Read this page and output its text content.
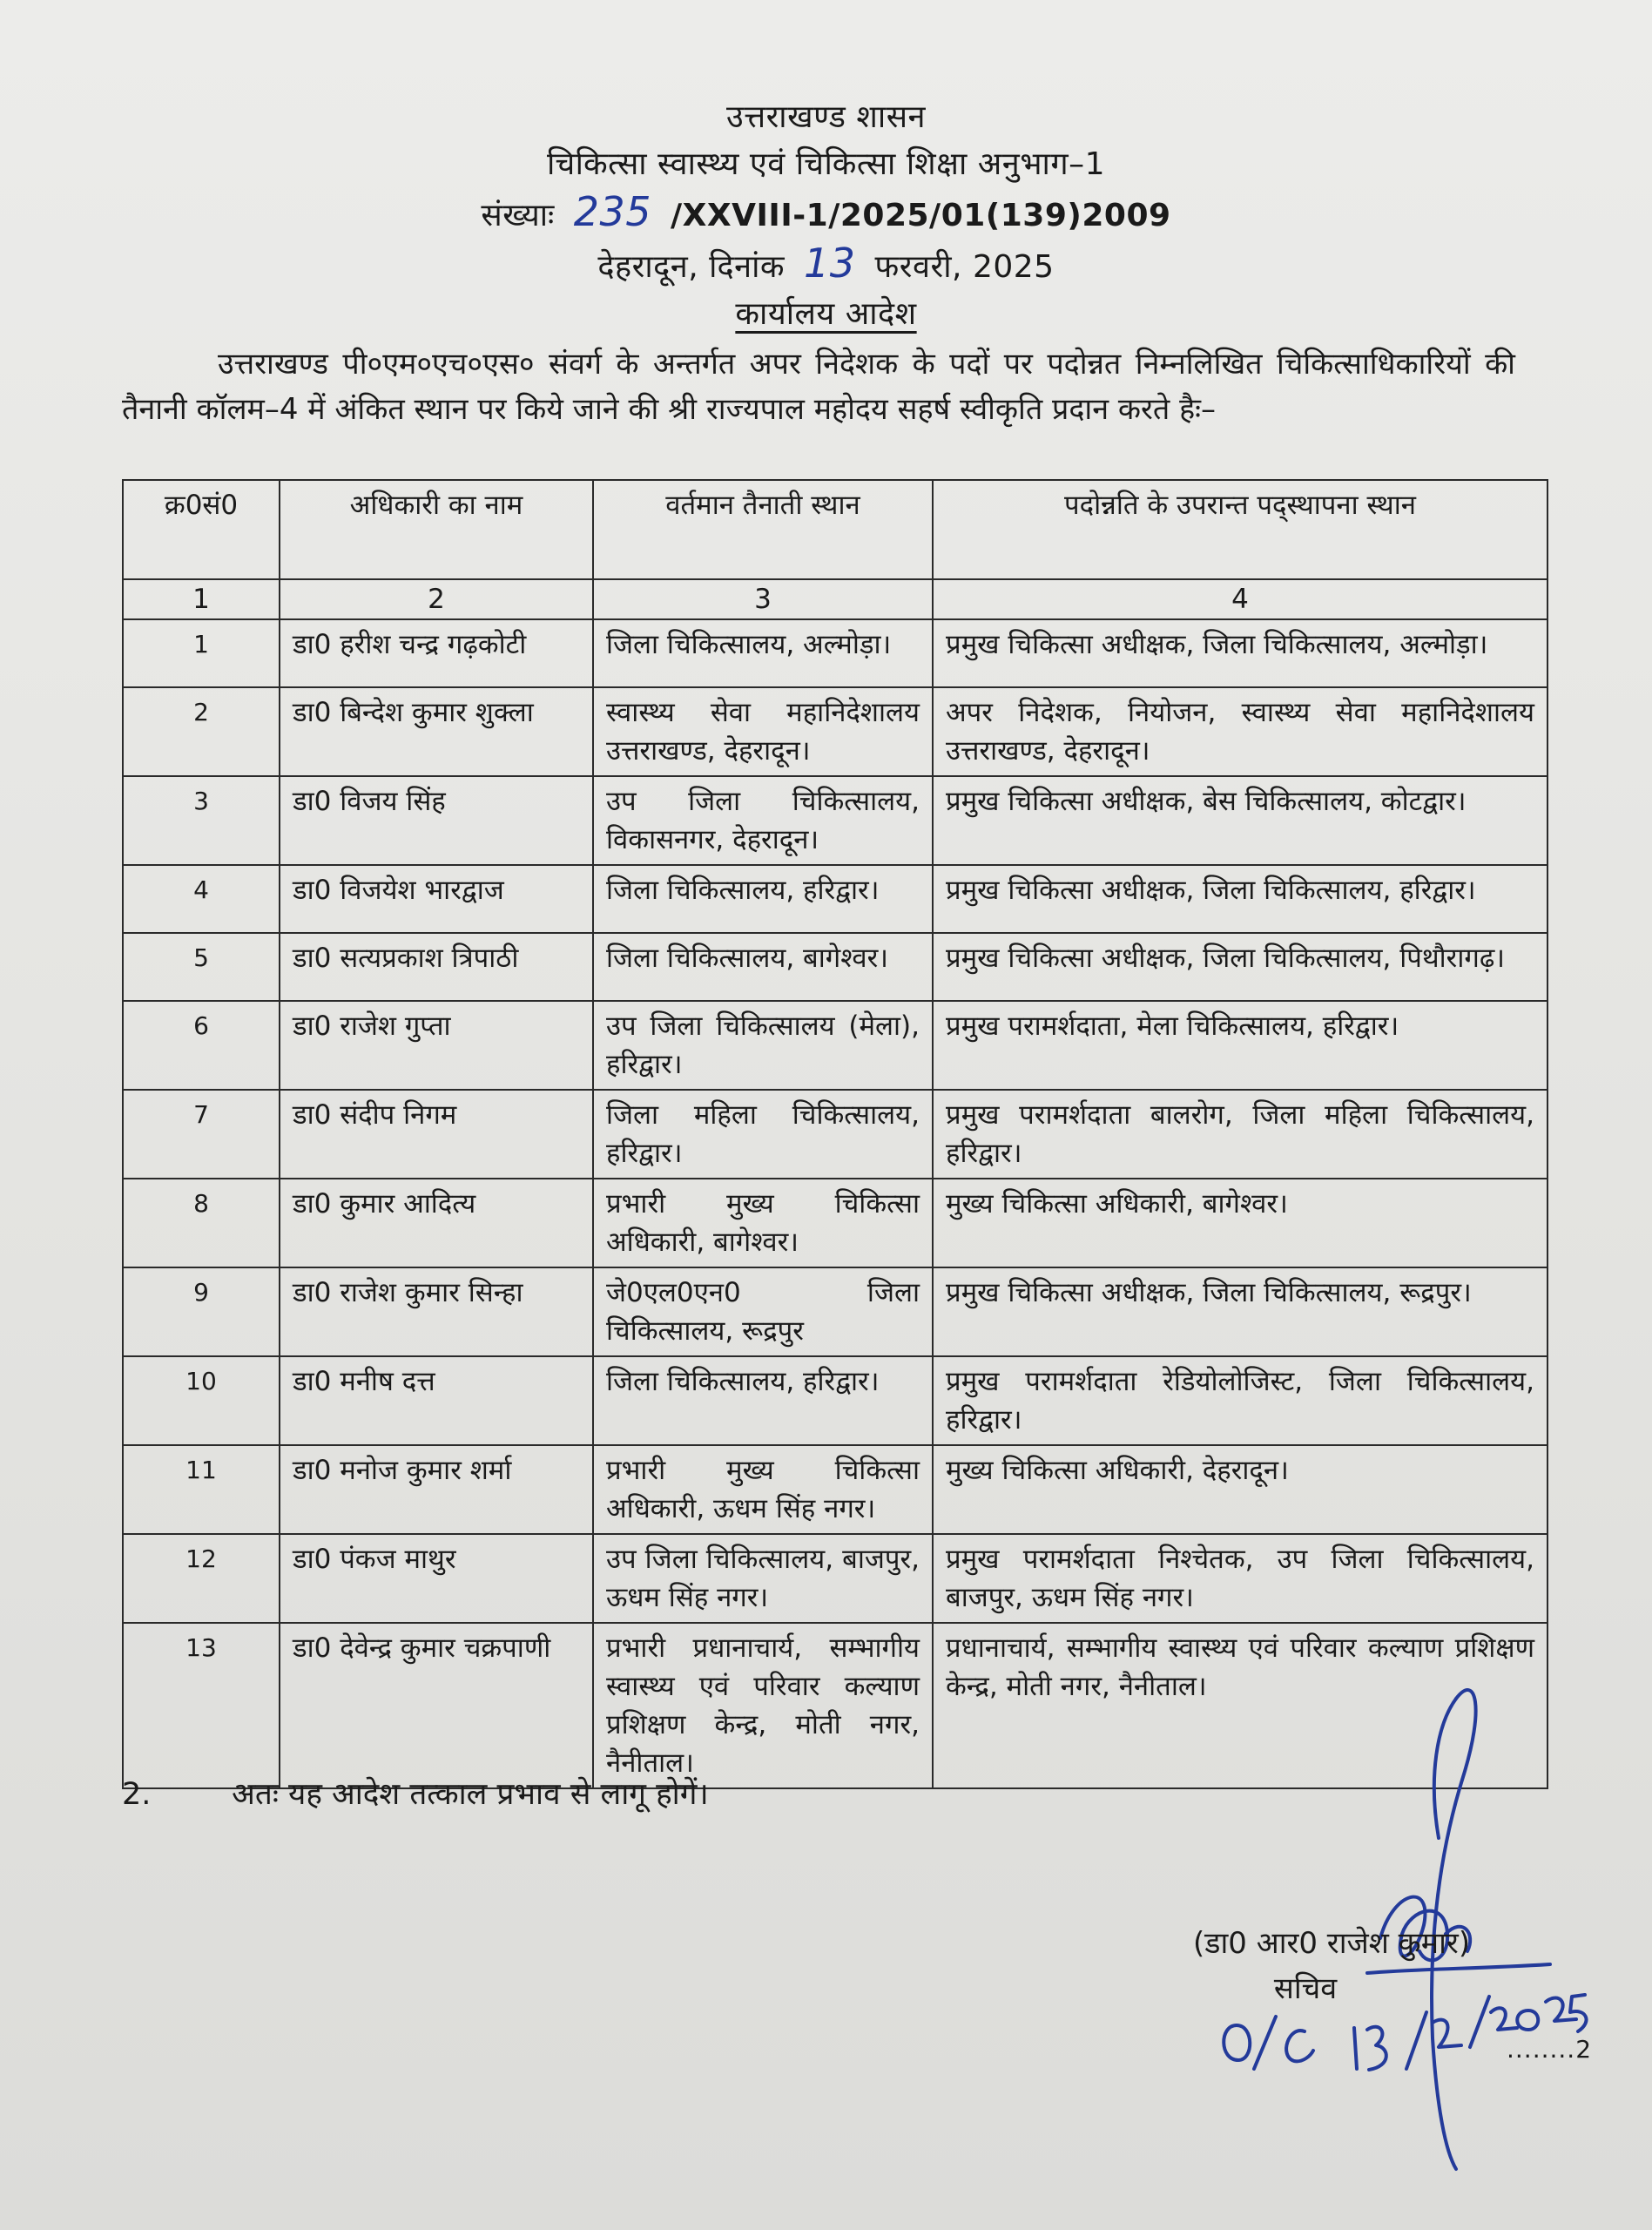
उत्तराखण्ड शासन
चिकित्सा स्वास्थ्य एवं चिकित्सा शिक्षा अनुभाग–1
संख्याः 235 /XXVIII-1/2025/01(139)2009
देहरादून, दिनांक 13 फरवरी, 2025
कार्यालय आदेश
उत्तराखण्ड पी०एम०एच०एस० संवर्ग के अन्तर्गत अपर निदेशक के पदों पर पदोन्नत निम्नलिखित चिकित्साधिकारियों की तैनानी कॉलम–4 में अंकित स्थान पर किये जाने की श्री राज्यपाल महोदय सहर्ष स्वीकृति प्रदान करते हैः–
क्र0सं0	अधिकारी का नाम	वर्तमान तैनाती स्थान	पदोन्नति के उपरान्त पद्स्थापना स्थान
1	2	3	4
1	डा0 हरीश चन्द्र गढ़कोटी	जिला चिकित्सालय, अल्मोड़ा।	प्रमुख चिकित्सा अधीक्षक, जिला चिकित्सालय, अल्मोड़ा।
2	डा0 बिन्देश कुमार शुक्ला	स्वास्थ्य सेवा महानिदेशालय उत्तराखण्ड, देहरादून।	अपर निदेशक, नियोजन, स्वास्थ्य सेवा महानिदेशालय उत्तराखण्ड, देहरादून।
3	डा0 विजय सिंह	उप जिला चिकित्सालय, विकासनगर, देहरादून।	प्रमुख चिकित्सा अधीक्षक, बेस चिकित्सालय, कोटद्वार।
4	डा0 विजयेश भारद्वाज	जिला चिकित्सालय, हरिद्वार।	प्रमुख चिकित्सा अधीक्षक, जिला चिकित्सालय, हरिद्वार।
5	डा0 सत्यप्रकाश त्रिपाठी	जिला चिकित्सालय, बागेश्वर।	प्रमुख चिकित्सा अधीक्षक, जिला चिकित्सालय, पिथौरागढ़।
6	डा0 राजेश गुप्ता	उप जिला चिकित्सालय (मेला), हरिद्वार।	प्रमुख परामर्शदाता, मेला चिकित्सालय, हरिद्वार।
7	डा0 संदीप निगम	जिला महिला चिकित्सालय, हरिद्वार।	प्रमुख परामर्शदाता बालरोग, जिला महिला चिकित्सालय, हरिद्वार।
8	डा0 कुमार आदित्य	प्रभारी मुख्य चिकित्सा अधिकारी, बागेश्वर।	मुख्य चिकित्सा अधिकारी, बागेश्वर।
9	डा0 राजेश कुमार सिन्हा	जे0एल0एन0 जिला चिकित्सालय, रूद्रपुर	प्रमुख चिकित्सा अधीक्षक, जिला चिकित्सालय, रूद्रपुर।
10	डा0 मनीष दत्त	जिला चिकित्सालय, हरिद्वार।	प्रमुख परामर्शदाता रेडियोलोजिस्ट, जिला चिकित्सालय, हरिद्वार।
11	डा0 मनोज कुमार शर्मा	प्रभारी मुख्य चिकित्सा अधिकारी, ऊधम सिंह नगर।	मुख्य चिकित्सा अधिकारी, देहरादून।
12	डा0 पंकज माथुर	उप जिला चिकित्सालय, बाजपुर, ऊधम सिंह नगर।	प्रमुख परामर्शदाता निश्चेतक, उप जिला चिकित्सालय, बाजपुर, ऊधम सिंह नगर।
13	डा0 देवेन्द्र कुमार चक्रपाणी	प्रभारी प्रधानाचार्य, सम्भागीय स्वास्थ्य एवं परिवार कल्याण प्रशिक्षण केन्द्र, मोती नगर, नैनीताल।	प्रधानाचार्य, सम्भागीय स्वास्थ्य एवं परिवार कल्याण प्रशिक्षण केन्द्र, मोती नगर, नैनीताल।
2.	अतः यह आदेश तत्काल प्रभाव से लागू होगें।
(डा0 आर0 राजेश कुमार)
सचिव
........2
